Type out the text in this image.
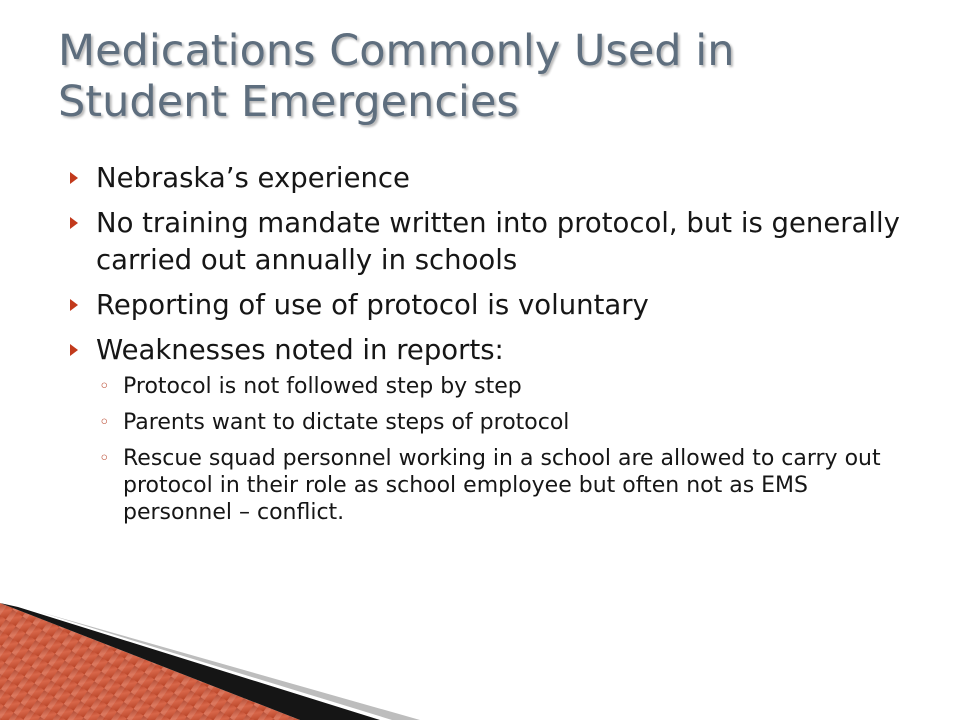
Medications Commonly Used in
Student Emergencies
Nebraska’s experience
No training mandate written into protocol, but is generally carried out annually in schools
Reporting of use of protocol is voluntary
Weaknesses noted in reports:
◦ Protocol is not followed step by step
◦ Parents want to dictate steps of protocol
◦ Rescue squad personnel working in a school are allowed to carry out protocol in their role as school employee but often not as EMS personnel – conflict.
